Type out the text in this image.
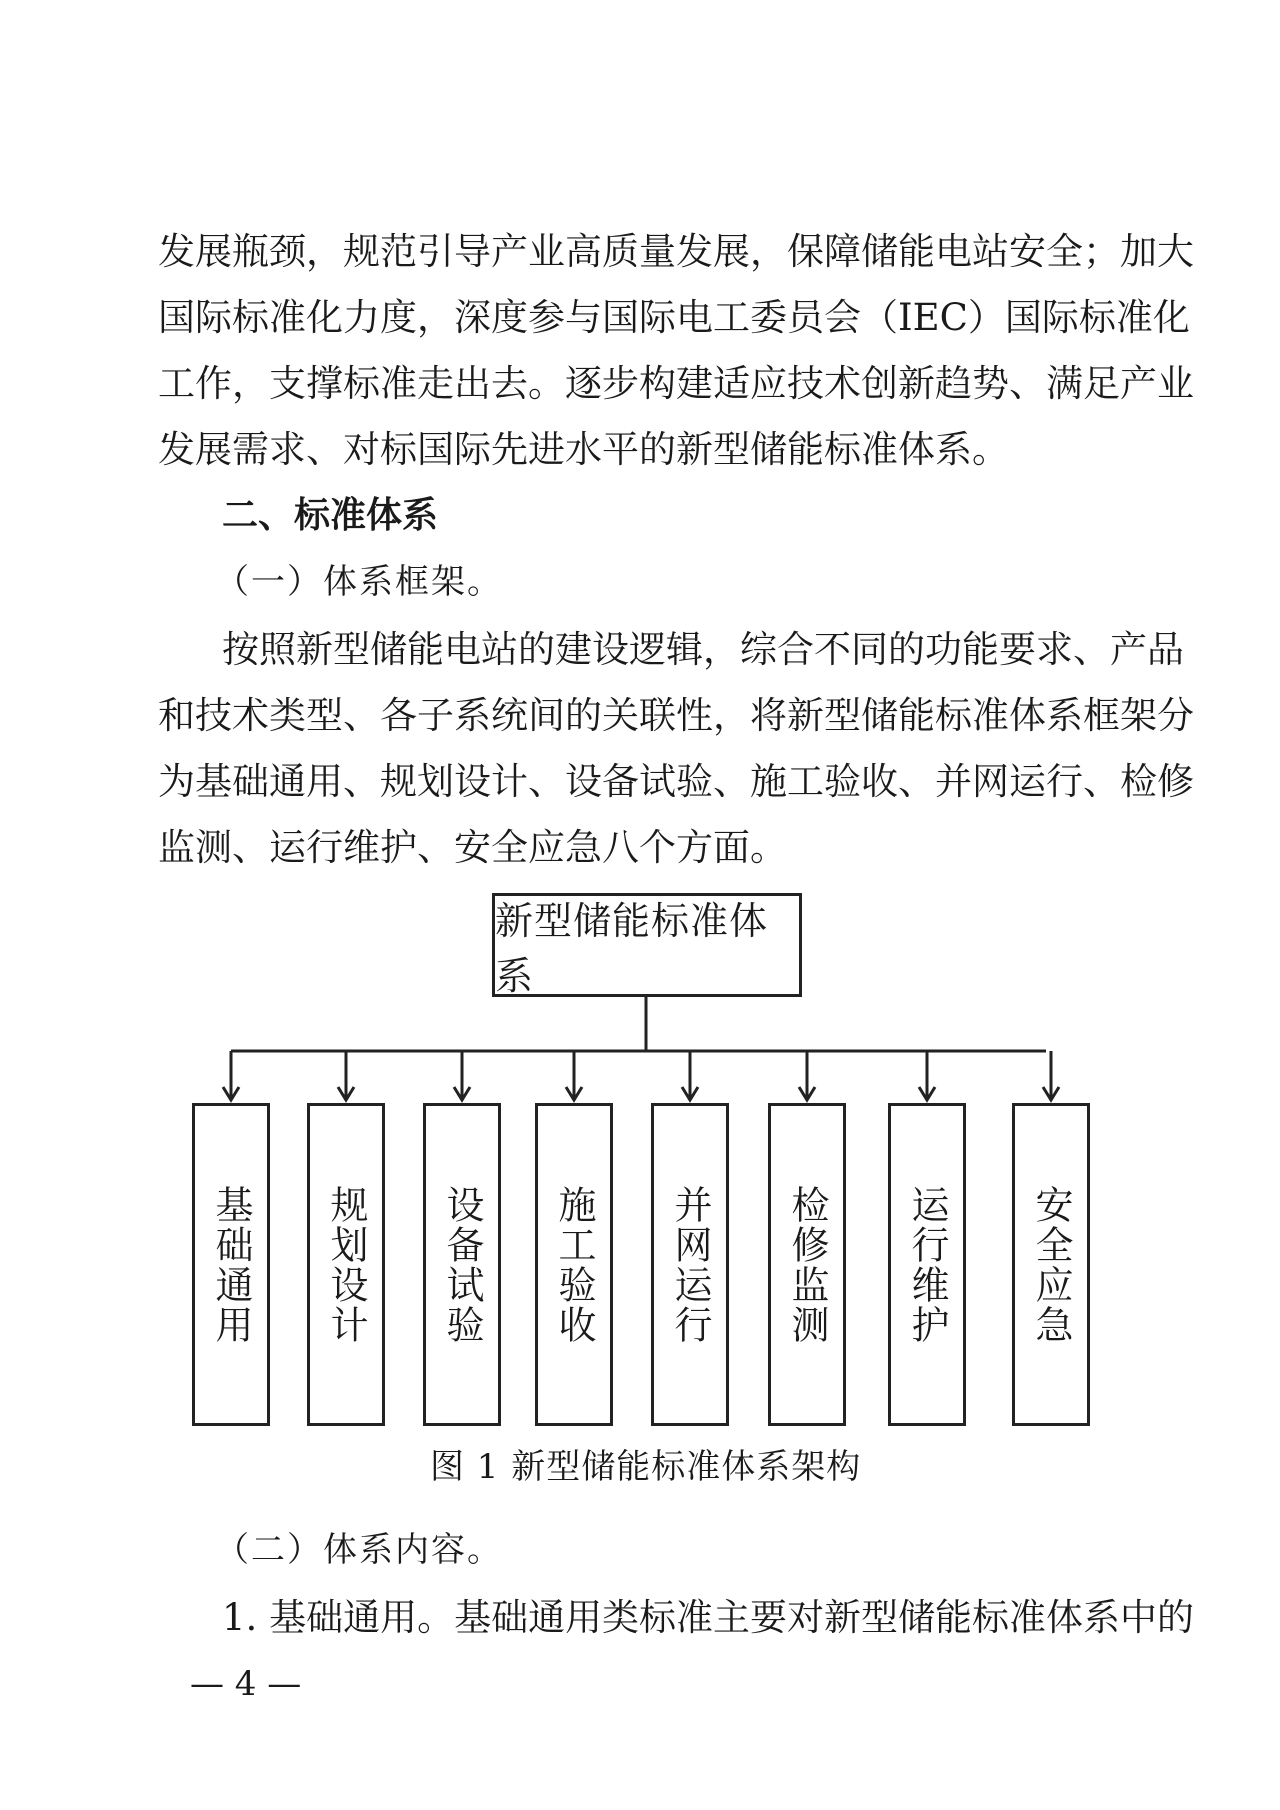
发展瓶颈，规范引导产业高质量发展，保障储能电站安全；加大
国际标准化力度，深度参与国际电工委员会（IEC）国际标准化
工作，支撑标准走出去。逐步构建适应技术创新趋势、满足产业
发展需求、对标国际先进水平的新型储能标准体系。
二、标准体系
（一）体系框架。
按照新型储能电站的建设逻辑，综合不同的功能要求、产品
和技术类型、各子系统间的关联性，将新型储能标准体系框架分
为基础通用、规划设计、设备试验、施工验收、并网运行、检修
监测、运行维护、安全应急八个方面。
新型储能标准体系
基础通用 规划设计 设备试验 施工验收 并网运行 检修监测 运行维护 安全应急
图 1 新型储能标准体系架构
（二）体系内容。
1. 基础通用。基础通用类标准主要对新型储能标准体系中的
— 4 —
